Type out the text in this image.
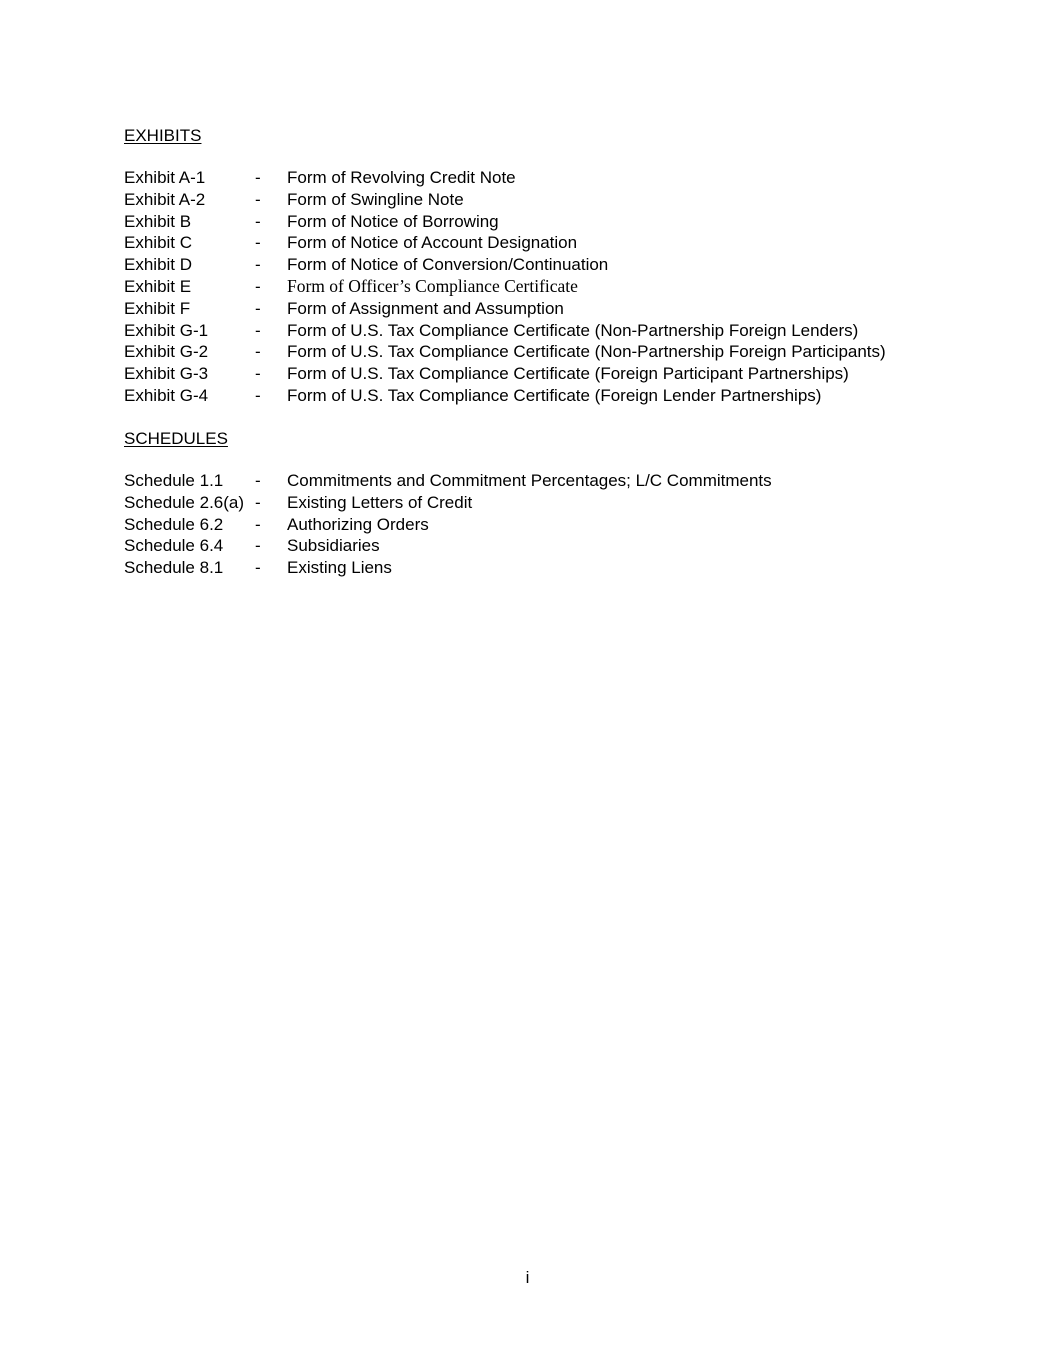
EXHIBITS
Exhibit A-1	- Form of Revolving Credit Note
Exhibit A-2	- Form of Swingline Note
Exhibit B	- Form of Notice of Borrowing
Exhibit C	- Form of Notice of Account Designation
Exhibit D	- Form of Notice of Conversion/Continuation
Exhibit E	- Form of Officer’s Compliance Certificate
Exhibit F	- Form of Assignment and Assumption
Exhibit G-1	- Form of U.S. Tax Compliance Certificate (Non-Partnership Foreign Lenders)
Exhibit G-2	- Form of U.S. Tax Compliance Certificate (Non-Partnership Foreign Participants)
Exhibit G-3	- Form of U.S. Tax Compliance Certificate (Foreign Participant Partnerships)
Exhibit G-4	- Form of U.S. Tax Compliance Certificate (Foreign Lender Partnerships)
SCHEDULES
Schedule 1.1 - Commitments and Commitment Percentages; L/C Commitments
Schedule 2.6(a) - Existing Letters of Credit
Schedule 6.2 - Authorizing Orders
Schedule 6.4 - Subsidiaries
Schedule 8.1 - Existing Liens
i
